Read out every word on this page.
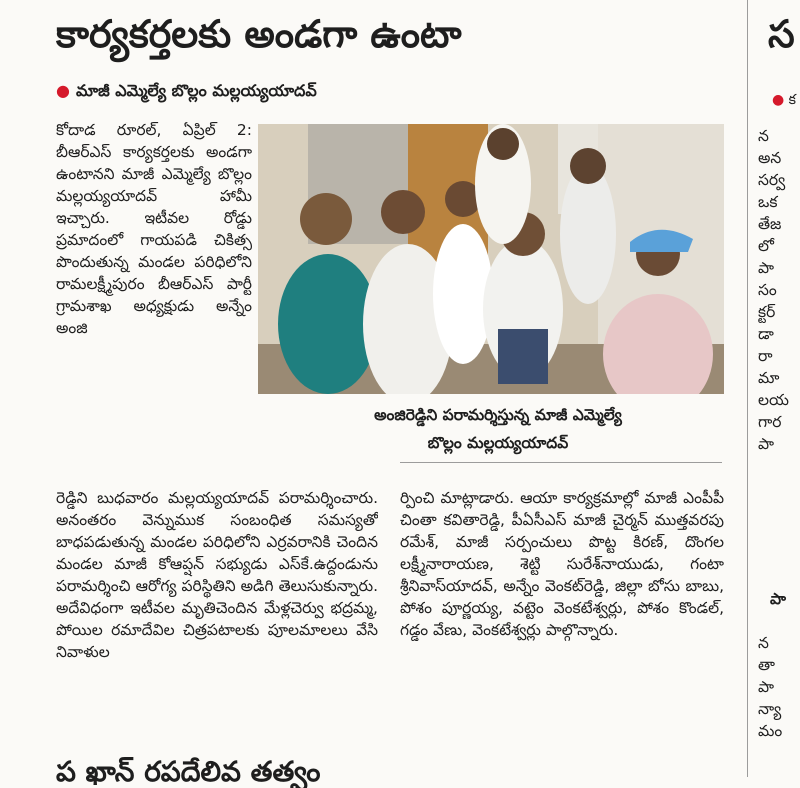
కార్యకర్తలకు అండగా ఉంటా
● మాజీ ఎమ్మెల్యే బొల్లం మల్లయ్యయాదవ్

కోదాడ రూరల్, ఏప్రిల్ 2: బీఆర్ఎస్ కార్యకర్తలకు అండగా ఉంటానని మాజీ ఎమ్మెల్యే బొల్లం మల్లయ్యయాదవ్ హామీ ఇచ్చారు. ఇటీవల రోడ్డు ప్రమాదంలో గాయపడి చికిత్స పొందుతున్న మండల పరిధిలోని రామలక్ష్మీపురం బీఆర్ఎస్ పార్టీ గ్రామశాఖ అధ్యక్షుడు అన్నేం అంజి

అంజిరెడ్డిని పరామర్శిస్తున్న మాజీ ఎమ్మెల్యే
బొల్లం మల్లయ్యయాదవ్

రెడ్డిని బుధవారం మల్లయ్యయాదవ్ పరామర్శించారు. అనంతరం వెన్నుముక సంబంధిత సమస్యతో బాధపడుతున్న మండల పరిధిలోని ఎర్రవరానికి చెందిన మండల మాజీ కోఆప్షన్ సభ్యుడు ఎస్‌కే.ఉద్దండును పరామర్శించి ఆరోగ్య పరిస్థితిని అడిగి తెలుసుకున్నారు. అదేవిధంగా ఇటీవల మృతిచెందిన మేళ్లచెర్వు భద్రమ్మ, పోయిల రమాదేవిల చిత్రపటాలకు పూలమాలలు వేసి నివాళుల

ర్పించి మాట్లాడారు. ఆయా కార్యక్రమాల్లో మాజీ ఎంపీపీ చింతా కవితారెడ్డి, పీఏసీఎస్ మాజీ చైర్మన్ ముత్తవరపు రమేశ్, మాజీ సర్పంచులు పొట్ట కిరణ్, దొంగల లక్ష్మీనారాయణ, శెట్టి సురేశ్‌నాయుడు, గంటా శ్రీనివాస్‌యాదవ్, అన్నేం వెంకట్‌రెడ్డి, జిల్లా బోసు బాబు, పోశం పూర్ణయ్య, వట్టెం వెంకటేశ్వర్లు, పోశం కొండల్, గడ్డం వేణు, వెంకటేశ్వర్లు పాల్గొన్నారు.

ప ఖాన్ రపదేలివ తత్వం
స
● క
న
అన
సర్వ
ఒక
తేజ
లో
పా
సం
క్టర్
డా
రా
మా
లయ
గార
పా
పా
న
తా
పా
న్యా
మం
